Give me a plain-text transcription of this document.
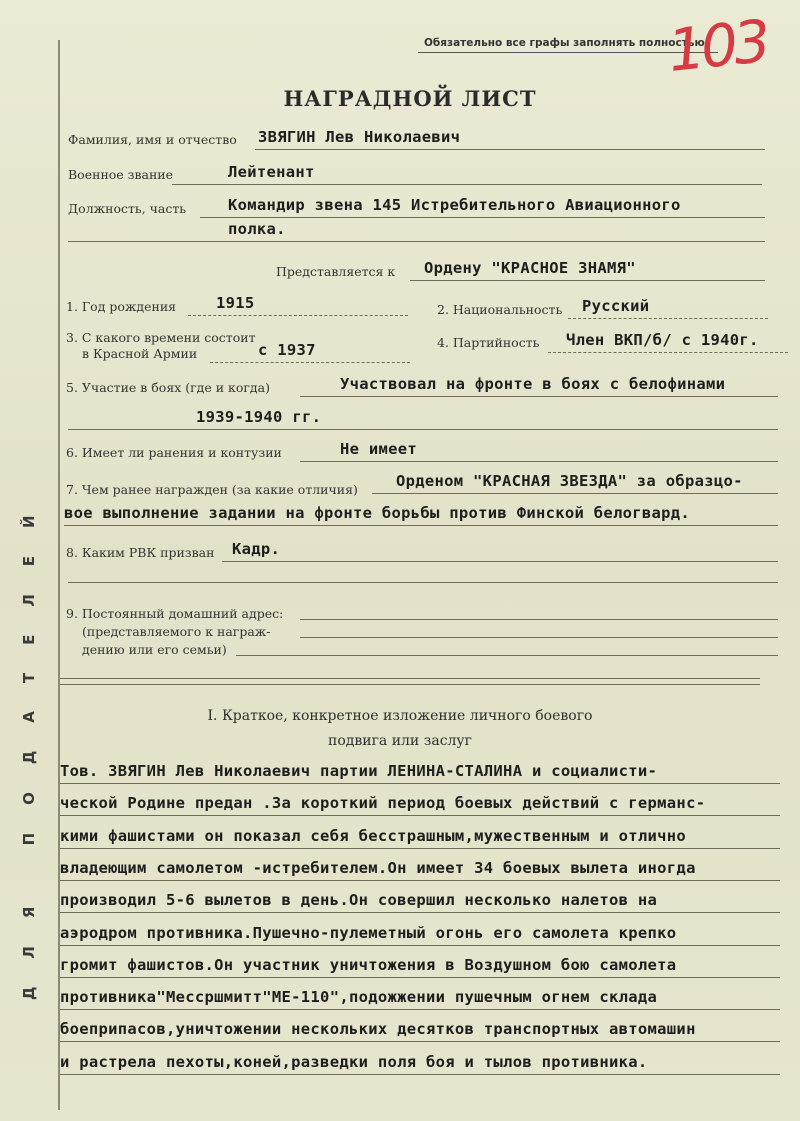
ДЛЯ ПОДАТЕЛЕЙ
Обязательно все графы заполнять полностью
103
НАГРАДНОЙ ЛИСТ
Фамилия, имя и отчество ЗВЯГИН Лев Николаевич
Военное звание	Лейтенант
Должность, часть	Командир звена 145 Истребительного Авиационного
полка.
Представляется к Ордену "КРАСНОЕ ЗНАМЯ"
1. Год рождения	1915	2. Национальность Русский
3. С какого времени состоит
в Красной Армии	с 1937	4. Партийность Член ВКП/б/ с 1940г.
5. Участие в боях (где и когда)	Участвовал на фронте в боях с белофинами
1939-1940 гг.
6. Имеет ли ранения и контузии	Не имеет
7. Чем ранее награжден (за какие отличия) Орденом "КРАСНАЯ ЗВЕЗДА" за образцо-
вое выполнение задании на фронте борьбы против Финской белогвард.
8. Каким РВК призван Кадр.
9. Постоянный домашний адрес:
(представляемого к награж-
дению или его семьи)
I. Краткое, конкретное изложение личного боевого
подвига или заслуг
Тов. ЗВЯГИН Лев Николаевич партии ЛЕНИНА-СТАЛИНА и социалисти-
ческой Родине предан .За короткий период боевых действий с германс-
кими фашистами он показал себя бесстрашным,мужественным и отлично
владеющим самолетом -истребителем.Он имеет 34 боевых вылета иногда
производил 5-6 вылетов в день.Он совершил несколько налетов на
аэродром противника.Пушечно-пулеметный огонь его самолета крепко
громит фашистов.Он участник уничтожения в Воздушном бою самолета
противника"Мессршмитт"МЕ-110",подожжении пушечным огнем склада
боеприпасов,уничтожении нескольких десятков транспортных автомашин
и растрела пехоты,коней,разведки поля боя и тылов противника.
